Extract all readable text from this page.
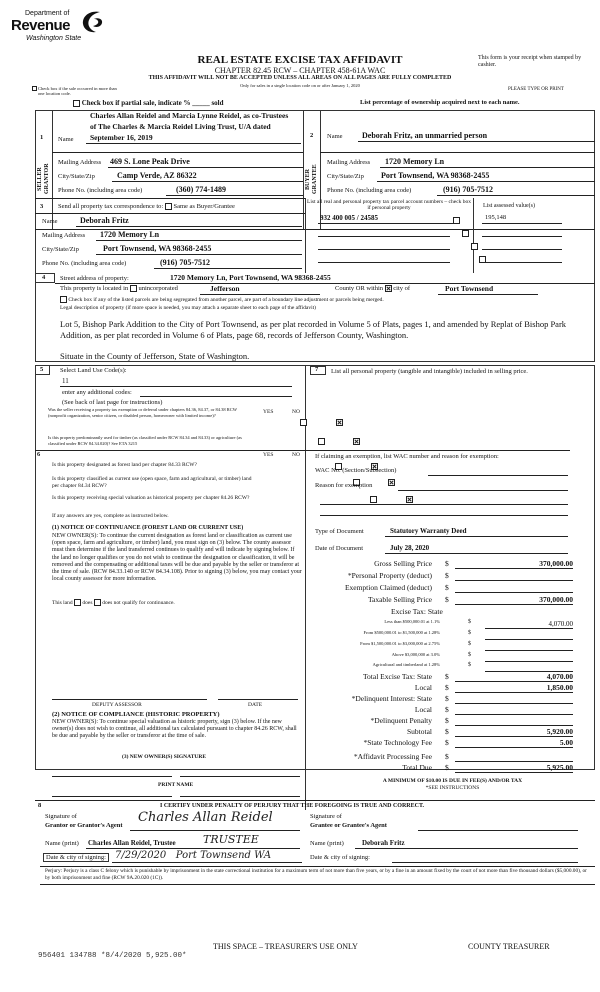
Department of
Revenue
Washington State
REAL ESTATE EXCISE TAX AFFIDAVIT
CHAPTER 82.45 RCW – CHAPTER 458-61A WAC
THIS AFFIDAVIT WILL NOT BE ACCEPTED UNLESS ALL AREAS ON ALL PAGES ARE FULLY COMPLETED
Only for sales in a single location code on or after January 1, 2020
This form is your receipt when stamped by cashier.
PLEASE TYPE OR PRINT
Check box if the sale occurred in more than one location code.
Check box if partial sale, indicate % _____ sold	List percentage of ownership acquired next to each name.
1 Name
Charles Allan Reidel and Marcia Lynne Reidel, as co-Trustees
of The Charles & Marcia Reidel Living Trust, U/A dated
September 16, 2019
SELLER GRANTOR
Mailing Address 469 S. Lone Peak Drive
City/State/Zip	Camp Verde, AZ 86322
Phone No. (including area code)	(360) 774-1489
2 Name Deborah Fritz, an unmarried person
BUYER GRANTEE
Mailing Address 1720 Memory Ln
City/State/Zip Port Townsend, WA 98368-2455
Phone No. (including area code)	(916) 705-7512
3 Send all property tax correspondence to: Same as Buyer/Grantee
Name	Deborah Fritz
Mailing Address 1720 Memory Ln
City/State/Zip	Port Townsend, WA 98368-2455
Phone No. (including area code)	(916) 705-7512
List all real and personal property tax parcel account numbers – check box if personal property	List assessed value(s)
932 400 005 / 24585
	195,148

4 Street address of property:	1720 Memory Ln, Port Townsend, WA 98368-2455
This property is located in unincorporated	Jefferson	County OR within city of	Port Townsend
Check box if any of the listed parcels are being segregated from another parcel, are part of a boundary line adjustment or parcels being merged.
Legal description of property (if more space is needed, you may attach a separate sheet to each page of the affidavit)
Lot 5, Bishop Park Addition to the City of Port Townsend, as per plat recorded in Volume 5 of Plats, pages 1, and amended by Replat of Bishop Park Addition, as per plat recorded in Volume 6 of Plats, page 68, records of Jefferson County, Washington.
Situate in the County of Jefferson, State of Washington.
5	Select Land Use Code(s):
11
enter any additional codes:
(See back of last page for instructions)
YES	NO
Was the seller receiving a property tax exemption or deferral under chapters 84.36, 84.37, or 84.38 RCW (nonprofit organization, senior citizen, or disabled person, homeowner with limited income)?

Is this property predominantly used for timber (as classified under RCW 84.34 and 84.33) or agriculture (as classified under RCW 84.34.020)? See ETA 3215

6	YES	NO
Is this property designated as forest land per chapter 84.33 RCW?

Is this property classified as current use (open space, farm and agricultural, or timber) land per chapter 84.34 RCW?

Is this property receiving special valuation as historical property per chapter 84.26 RCW?

If any answers are yes, complete as instructed below.
(1) NOTICE OF CONTINUANCE (FOREST LAND OR CURRENT USE)
NEW OWNER(S): To continue the current designation as forest land or classification as current use (open space, farm and agriculture, or timber) land, you must sign on (3) below. The county assessor must then determine if the land transferred continues to qualify and will indicate by signing below. If the land no longer qualifies or you do not wish to continue the designation or classification, it will be removed and the compensating or additional taxes will be due and payable by the seller or transferor at the time of sale. (RCW 84.33.140 or RCW 84.34.108). Prior to signing (3) below, you may contact your local county assessor for more information.
This land does does not qualify for continuance.
DEPUTY ASSESSOR	DATE
(2) NOTICE OF COMPLIANCE (HISTORIC PROPERTY)
NEW OWNER(S): To continue special valuation as historic property, sign (3) below. If the new owner(s) does not wish to continue, all additional tax calculated pursuant to chapter 84.26 RCW, shall be due and payable by the seller or transferor at the time of sale.
(3) NEW OWNER(S) SIGNATURE
PRINT NAME
7 List all personal property (tangible and intangible) included in selling price.
If claiming an exemption, list WAC number and reason for exemption:
WAC No. (Section/Subsection)
Reason for exemption
Type of Document	Statutory Warranty Deed
Date of Document	July 28, 2020
Gross Selling Price $	370,000.00
*Personal Property (deduct) $
Exemption Claimed (deduct) $
Taxable Selling Price $	370,000.00
Excise Tax: State
Less than $500,000.01 at 1.1%	$	4,070.00
From $500,000.01 to $1,500,000 at 1.28%	$
From $1,500,000.01 to $3,000,000 at 2.75%	$
Above $3,000,000 at 3.0%	$
Agricultural and timberland at 1.28%	$
Total Excise Tax: State $	4,070.00
Local $	1,850.00
*Delinquent Interest: State $
Local $
*Delinquent Penalty $
Subtotal $	5,920.00
*State Technology Fee $	5.00
*Affidavit Processing Fee $
Total Due $	5,925.00
A MINIMUM OF $10.00 IS DUE IN FEE(S) AND/OR TAX
*SEE INSTRUCTIONS
8	I CERTIFY UNDER PENALTY OF PERJURY THAT THE FOREGOING IS TRUE AND CORRECT.
Signature of
Grantor or Grantor's Agent
Charles Allan Reidel
Name (print) Charles Allan Reidel, Trustee TRUSTEE
Date & city of signing: 7/29/2020   Port Townsend WA
Signature of
Grantee or Grantee's Agent
Name (print)	Deborah Fritz
Date & city of signing:
Perjury: Perjury is a class C felony which is punishable by imprisonment in the state correctional institution for a maximum term of not more than five years, or by a fine in an amount fixed by the court of not more than five thousand dollars ($5,000.00), or by both imprisonment and fine (RCW 9A.20.020 (1C)).
THIS SPACE – TREASURER'S USE ONLY	COUNTY TREASURER
956401 134788 *8/4/2020 5,925.00*
